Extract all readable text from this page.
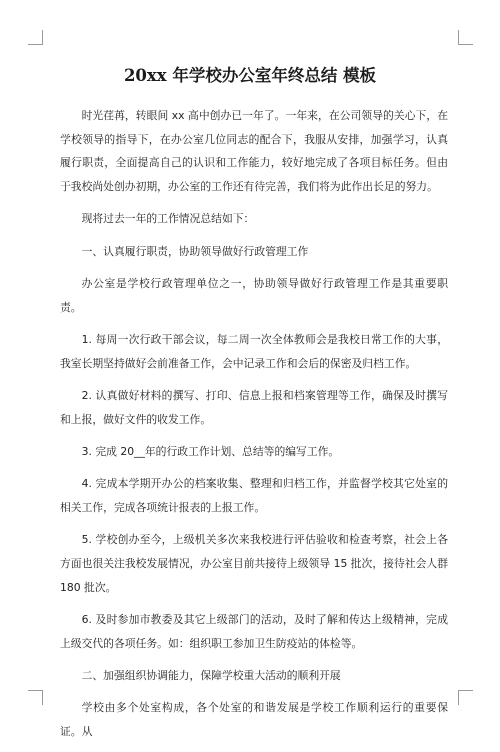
20xx 年学校办公室年终总结 模板

时光荏苒，转眼间 xx 高中创办已一年了。一年来，在公司领导的关心下，在学校领导的指导下，在办公室几位同志的配合下，我服从安排，加强学习，认真履行职责，全面提高自己的认识和工作能力，较好地完成了各项目标任务。但由于我校尚处创办初期，办公室的工作还有待完善，我们将为此作出长足的努力。

现将过去一年的工作情况总结如下：

一、认真履行职责，协助领导做好行政管理工作

办公室是学校行政管理单位之一，协助领导做好行政管理工作是其重要职责。

1. 每周一次行政干部会议，每二周一次全体教师会是我校日常工作的大事，我室长期坚持做好会前准备工作，会中记录工作和会后的保密及归档工作。

2. 认真做好材料的撰写、打印、信息上报和档案管理等工作，确保及时撰写和上报，做好文件的收发工作。

3. 完成 20__年的行政工作计划、总结等的编写工作。

4. 完成本学期开办公的档案收集、整理和归档工作，并监督学校其它处室的相关工作，完成各项统计报表的上报工作。

5. 学校创办至今，上级机关多次来我校进行评估验收和检查考察，社会上各方面也很关注我校发展情况，办公室目前共接待上级领导 15 批次，接待社会人群 180 批次。

6. 及时参加市教委及其它上级部门的活动，及时了解和传达上级精神，完成上级交代的各项任务。如：组织职工参加卫生防疫站的体检等。

二、加强组织协调能力，保障学校重大活动的顺利开展

学校由多个处室构成，各个处室的和谐发展是学校工作顺利运行的重要保证。从
